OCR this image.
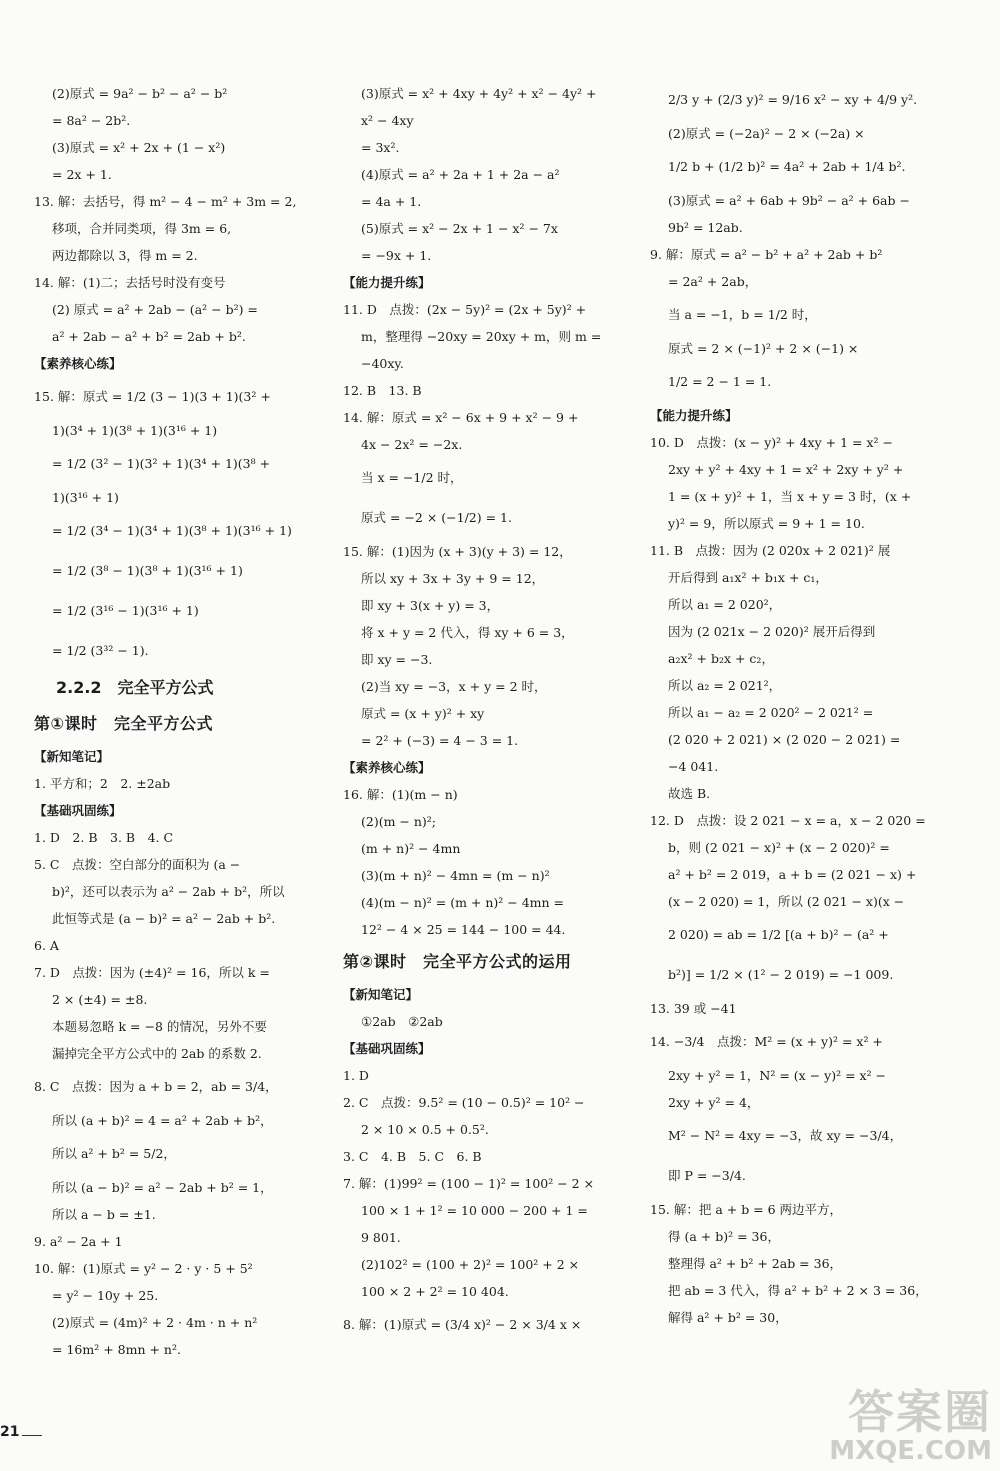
(2)原式 = 9a² − b² − a² − b²
= 8a² − 2b².
(3)原式 = x² + 2x + (1 − x²)
= 2x + 1.
13. 解：去括号，得 m² − 4 − m² + 3m = 2,
移项，合并同类项，得 3m = 6,
两边都除以 3，得 m = 2.
14. 解：(1)二；去括号时没有变号
(2) 原式 = a² + 2ab − (a² − b²) =
a² + 2ab − a² + b² = 2ab + b².
【素养核心练】
15. 解：原式 = 1/2 (3 − 1)(3 + 1)(3² +
1)(3⁴ + 1)(3⁸ + 1)(3¹⁶ + 1)
= 1/2 (3² − 1)(3² + 1)(3⁴ + 1)(3⁸ +
1)(3¹⁶ + 1)
= 1/2 (3⁴ − 1)(3⁴ + 1)(3⁸ + 1)(3¹⁶ + 1)
= 1/2 (3⁸ − 1)(3⁸ + 1)(3¹⁶ + 1)
= 1/2 (3¹⁶ − 1)(3¹⁶ + 1)
= 1/2 (3³² − 1).
2.2.2　完全平方公式
第①课时　完全平方公式
【新知笔记】
1. 平方和；2　2. ±2ab
【基础巩固练】
1. D　2. B　3. B　4. C
5. C　点拨：空白部分的面积为 (a −
b)²，还可以表示为 a² − 2ab + b²，所以
此恒等式是 (a − b)² = a² − 2ab + b².
6. A
7. D　点拨：因为 (±4)² = 16，所以 k =
2 × (±4) = ±8.
本题易忽略 k = −8 的情况，另外不要
漏掉完全平方公式中的 2ab 的系数 2.
8. C　点拨：因为 a + b = 2，ab = 3/4，
所以 (a + b)² = 4 = a² + 2ab + b²，
所以 a² + b² = 5/2，
所以 (a − b)² = a² − 2ab + b² = 1，
所以 a − b = ±1.
9. a² − 2a + 1
10. 解：(1)原式 = y² − 2 · y · 5 + 5²
= y² − 10y + 25.
(2)原式 = (4m)² + 2 · 4m · n + n²
= 16m² + 8mn + n².
(3)原式 = x² + 4xy + 4y² + x² − 4y² +
x² − 4xy
= 3x².
(4)原式 = a² + 2a + 1 + 2a − a²
= 4a + 1.
(5)原式 = x² − 2x + 1 − x² − 7x
= −9x + 1.
【能力提升练】
11. D　点拨：(2x − 5y)² = (2x + 5y)² +
m，整理得 −20xy = 20xy + m，则 m =
−40xy.
12. B　13. B
14. 解：原式 = x² − 6x + 9 + x² − 9 +
4x − 2x² = −2x.
当 x = −1/2 时，
原式 = −2 × (−1/2) = 1.
15. 解：(1)因为 (x + 3)(y + 3) = 12，
所以 xy + 3x + 3y + 9 = 12，
即 xy + 3(x + y) = 3，
将 x + y = 2 代入，得 xy + 6 = 3，
即 xy = −3.
(2)当 xy = −3，x + y = 2 时，
原式 = (x + y)² + xy
= 2² + (−3) = 4 − 3 = 1.
【素养核心练】
16. 解：(1)(m − n)
(2)(m − n)²;
(m + n)² − 4mn
(3)(m + n)² − 4mn = (m − n)²
(4)(m − n)² = (m + n)² − 4mn =
12² − 4 × 25 = 144 − 100 = 44.
第②课时　完全平方公式的运用
【新知笔记】
①2ab　②2ab
【基础巩固练】
1. D
2. C　点拨：9.5² = (10 − 0.5)² = 10² −
2 × 10 × 0.5 + 0.5².
3. C　4. B　5. C　6. B
7. 解：(1)99² = (100 − 1)² = 100² − 2 ×
100 × 1 + 1² = 10 000 − 200 + 1 =
9 801.
(2)102² = (100 + 2)² = 100² + 2 ×
100 × 2 + 2² = 10 404.
8. 解：(1)原式 = (3/4 x)² − 2 × 3/4 x ×
2/3 y + (2/3 y)² = 9/16 x² − xy + 4/9 y².
(2)原式 = (−2a)² − 2 × (−2a) ×
1/2 b + (1/2 b)² = 4a² + 2ab + 1/4 b².
(3)原式 = a² + 6ab + 9b² − a² + 6ab −
9b² = 12ab.
9. 解：原式 = a² − b² + a² + 2ab + b²
= 2a² + 2ab，
当 a = −1，b = 1/2 时，
原式 = 2 × (−1)² + 2 × (−1) ×
1/2 = 2 − 1 = 1.
【能力提升练】
10. D　点拨：(x − y)² + 4xy + 1 = x² −
2xy + y² + 4xy + 1 = x² + 2xy + y² +
1 = (x + y)² + 1，当 x + y = 3 时，(x +
y)² = 9，所以原式 = 9 + 1 = 10.
11. B　点拨：因为 (2 020x + 2 021)² 展
开后得到 a₁x² + b₁x + c₁，
所以 a₁ = 2 020²，
因为 (2 021x − 2 020)² 展开后得到
a₂x² + b₂x + c₂，
所以 a₂ = 2 021²，
所以 a₁ − a₂ = 2 020² − 2 021² =
(2 020 + 2 021) × (2 020 − 2 021) =
−4 041.
故选 B.
12. D　点拨：设 2 021 − x = a，x − 2 020 =
b，则 (2 021 − x)² + (x − 2 020)² =
a² + b² = 2 019，a + b = (2 021 − x) +
(x − 2 020) = 1，所以 (2 021 − x)(x −
2 020) = ab = 1/2 [(a + b)² − (a² +
b²)] = 1/2 × (1² − 2 019) = −1 009.
13. 39 或 −41
14. −3/4　点拨：M² = (x + y)² = x² +
2xy + y² = 1，N² = (x − y)² = x² −
2xy + y² = 4，
M² − N² = 4xy = −3，故 xy = −3/4，
即 P = −3/4.
15. 解：把 a + b = 6 两边平方，
得 (a + b)² = 36，
整理得 a² + b² + 2ab = 36，
把 ab = 3 代入，得 a² + b² + 2 × 3 = 36，
解得 a² + b² = 30，
21	答案圈
MXQE.COM
